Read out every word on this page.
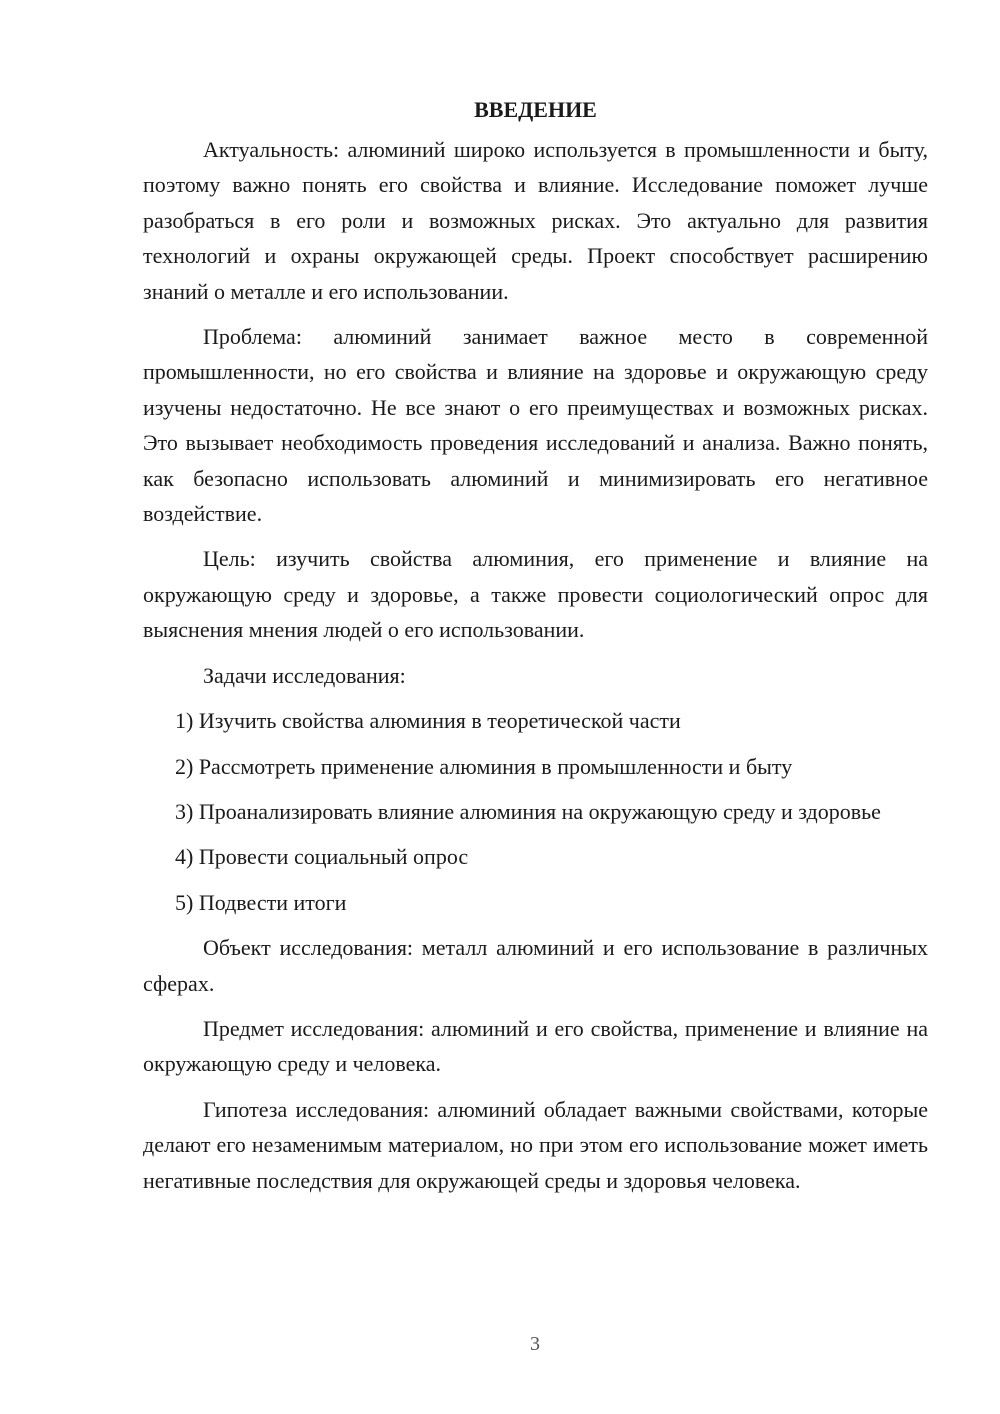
ВВЕДЕНИЕ

Актуальность: алюминий широко используется в промышленности и быту, поэтому важно понять его свойства и влияние. Исследование поможет лучше разобраться в его роли и возможных рисках. Это актуально для развития технологий и охраны окружающей среды. Проект способствует расширению знаний о металле и его использовании.

Проблема: алюминий занимает важное место в современной промышленности, но его свойства и влияние на здоровье и окружающую среду изучены недостаточно. Не все знают о его преимуществах и возможных рисках. Это вызывает необходимость проведения исследований и анализа. Важно понять, как безопасно использовать алюминий и минимизировать его негативное воздействие.

Цель: изучить свойства алюминия, его применение и влияние на окружающую среду и здоровье, а также провести социологический опрос для выяснения мнения людей о его использовании.

Задачи исследования:

1) Изучить свойства алюминия в теоретической части

2) Рассмотреть применение алюминия в промышленности и быту

3) Проанализировать влияние алюминия на окружающую среду и здоровье

4) Провести социальный опрос

5) Подвести итоги

Объект исследования: металл алюминий и его использование в различных сферах.

Предмет исследования: алюминий и его свойства, применение и влияние на окружающую среду и человека.

Гипотеза исследования: алюминий обладает важными свойствами, которые делают его незаменимым материалом, но при этом его использование может иметь негативные последствия для окружающей среды и здоровья человека.

3
